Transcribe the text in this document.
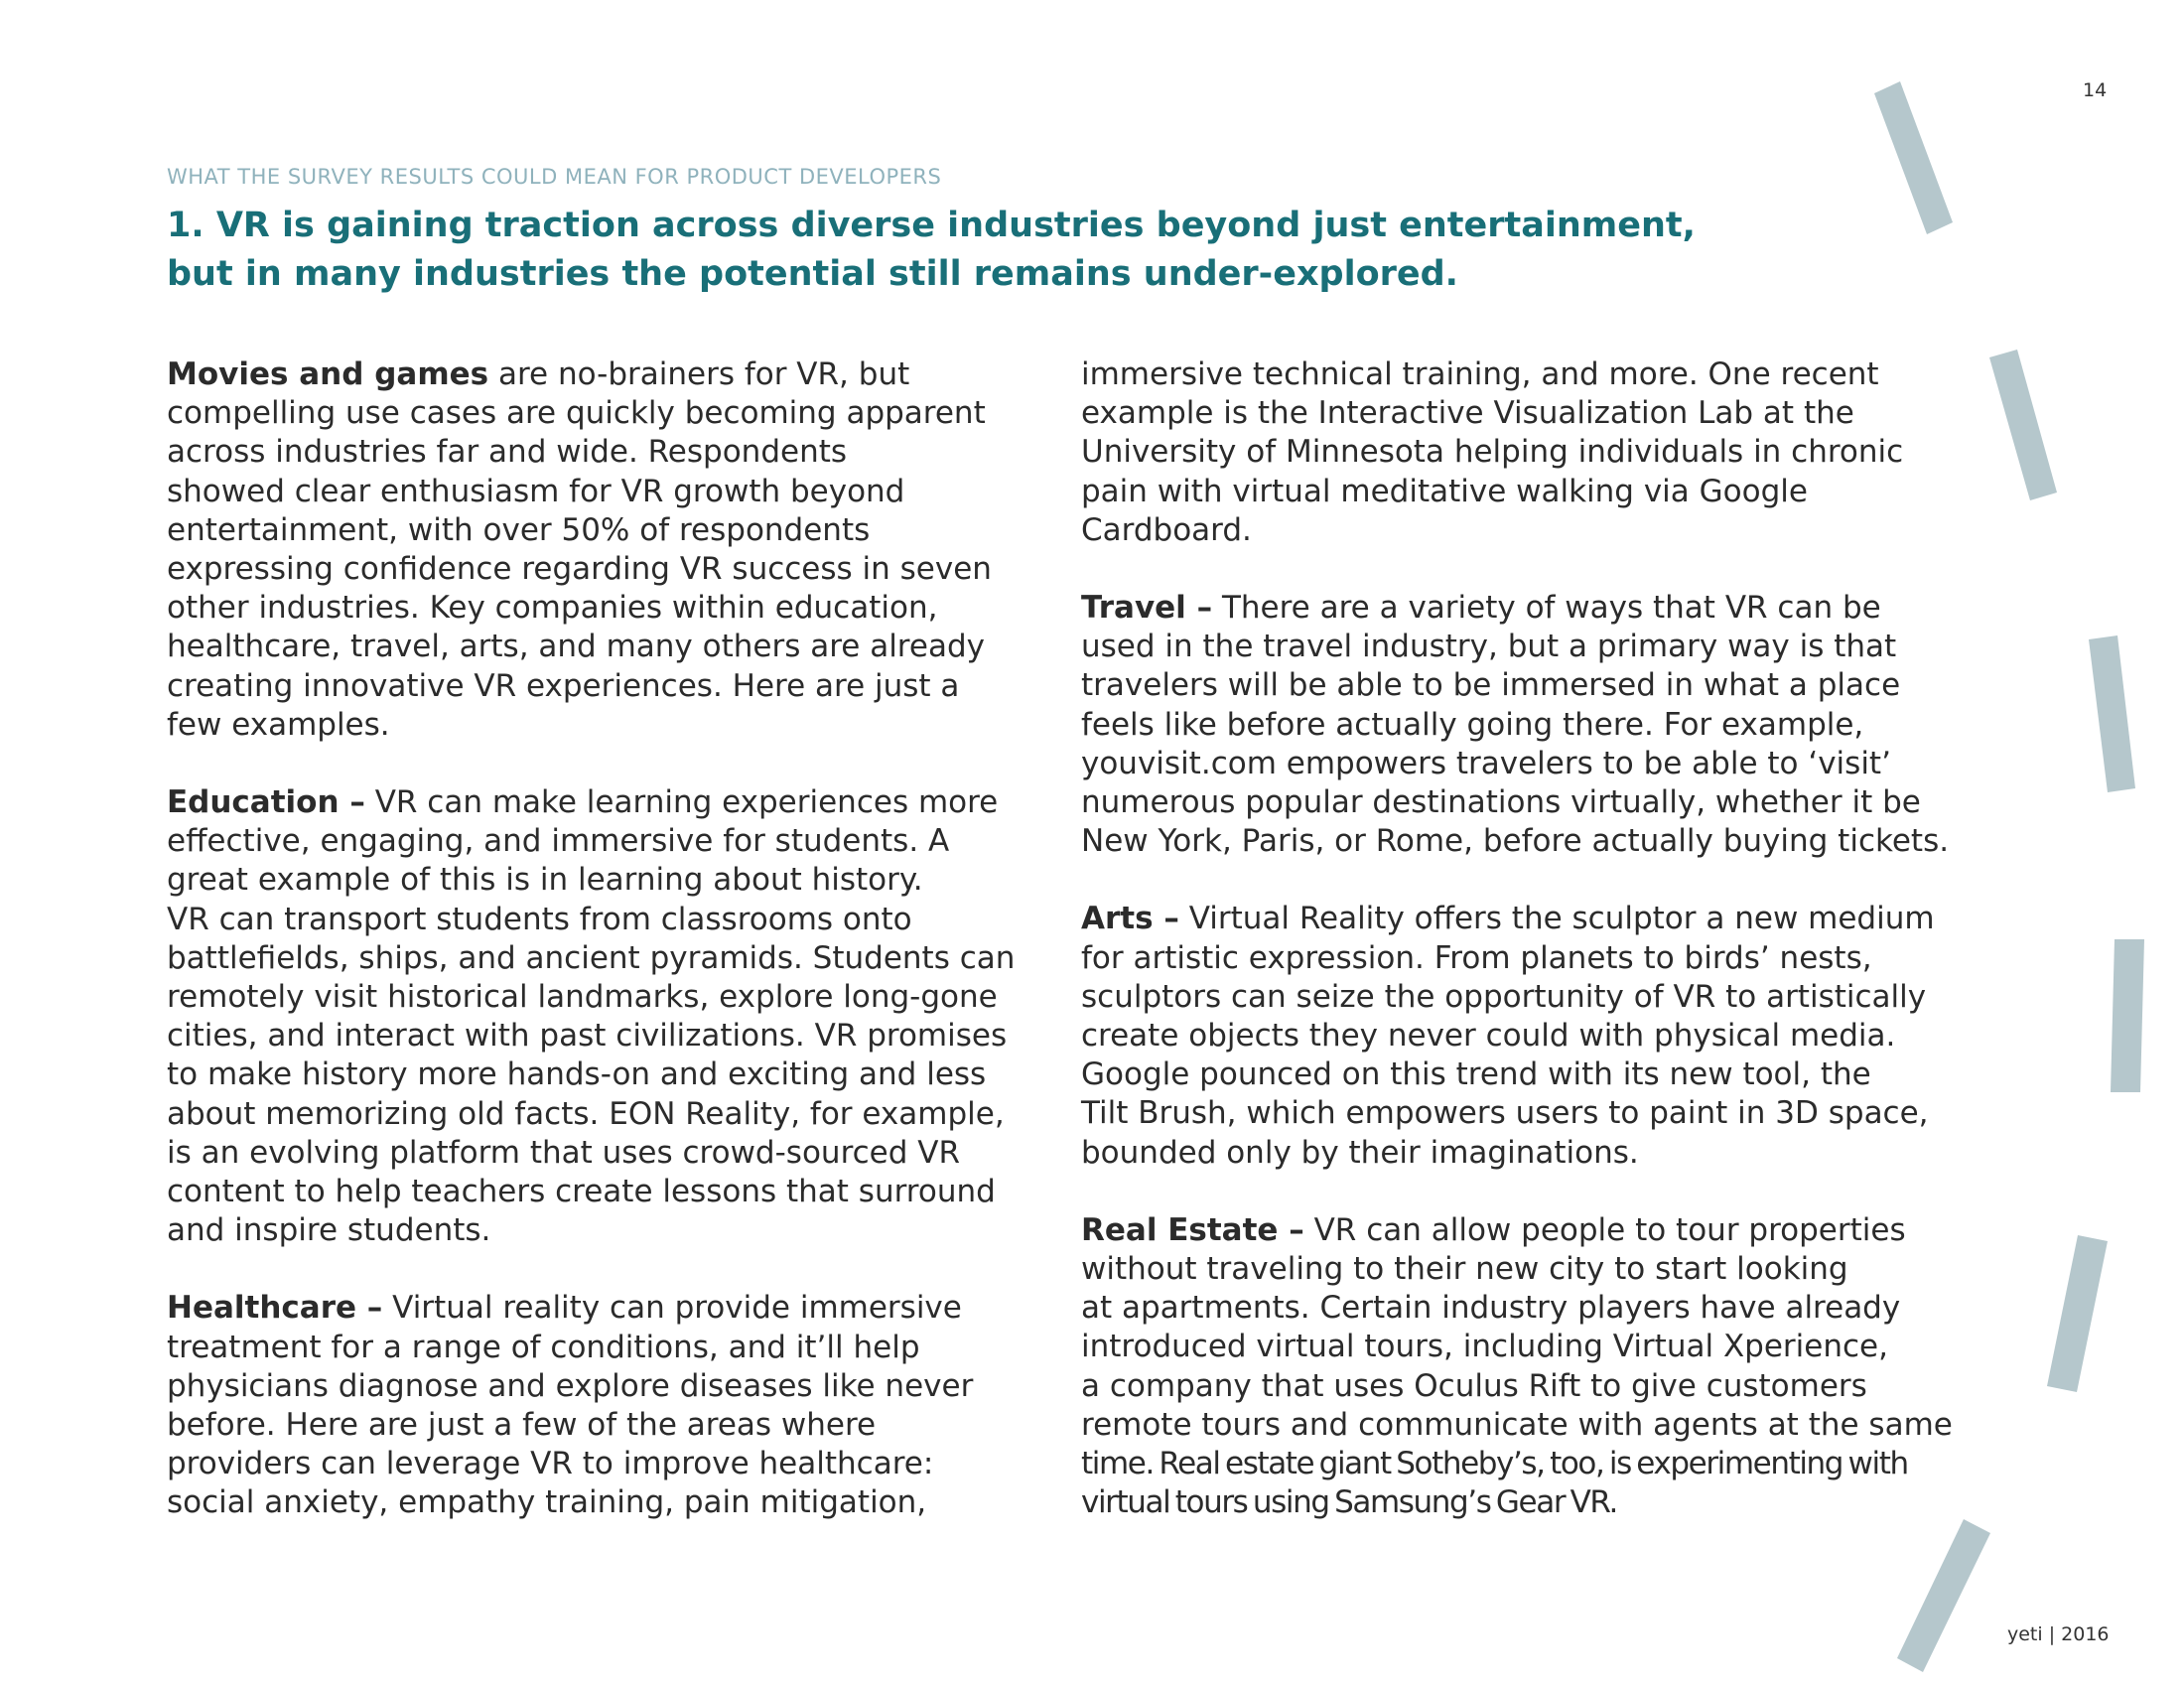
14
WHAT THE SURVEY RESULTS COULD MEAN FOR PRODUCT DEVELOPERS
1. VR is gaining traction across diverse industries beyond just entertainment,
but in many industries the potential still remains under-explored.

Movies and games are no-brainers for VR, but
compelling use cases are quickly becoming apparent
across industries far and wide. Respondents
showed clear enthusiasm for VR growth beyond
entertainment, with over 50% of respondents
expressing confidence regarding VR success in seven
other industries. Key companies within education,
healthcare, travel, arts, and many others are already
creating innovative VR experiences. Here are just a
few examples.

Education – VR can make learning experiences more
effective, engaging, and immersive for students. A
great example of this is in learning about history.
VR can transport students from classrooms onto
battlefields, ships, and ancient pyramids. Students can
remotely visit historical landmarks, explore long-gone
cities, and interact with past civilizations. VR promises
to make history more hands-on and exciting and less
about memorizing old facts. EON Reality, for example,
is an evolving platform that uses crowd-sourced VR
content to help teachers create lessons that surround
and inspire students.

Healthcare – Virtual reality can provide immersive
treatment for a range of conditions, and it’ll help
physicians diagnose and explore diseases like never
before. Here are just a few of the areas where
providers can leverage VR to improve healthcare:
social anxiety, empathy training, pain mitigation,

immersive technical training, and more. One recent
example is the Interactive Visualization Lab at the
University of Minnesota helping individuals in chronic
pain with virtual meditative walking via Google
Cardboard.

Travel – There are a variety of ways that VR can be
used in the travel industry, but a primary way is that
travelers will be able to be immersed in what a place
feels like before actually going there. For example,
youvisit.com empowers travelers to be able to ‘visit’
numerous popular destinations virtually, whether it be
New York, Paris, or Rome, before actually buying tickets.

Arts – Virtual Reality offers the sculptor a new medium
for artistic expression. From planets to birds’ nests,
sculptors can seize the opportunity of VR to artistically
create objects they never could with physical media.
Google pounced on this trend with its new tool, the
Tilt Brush, which empowers users to paint in 3D space,
bounded only by their imaginations.

Real Estate – VR can allow people to tour properties
without traveling to their new city to start looking
at apartments. Certain industry players have already
introduced virtual tours, including Virtual Xperience,
a company that uses Oculus Rift to give customers
remote tours and communicate with agents at the same
time. Real estate giant Sotheby’s, too, is experimenting with
virtual tours using Samsung’s Gear VR.

yeti | 2016
